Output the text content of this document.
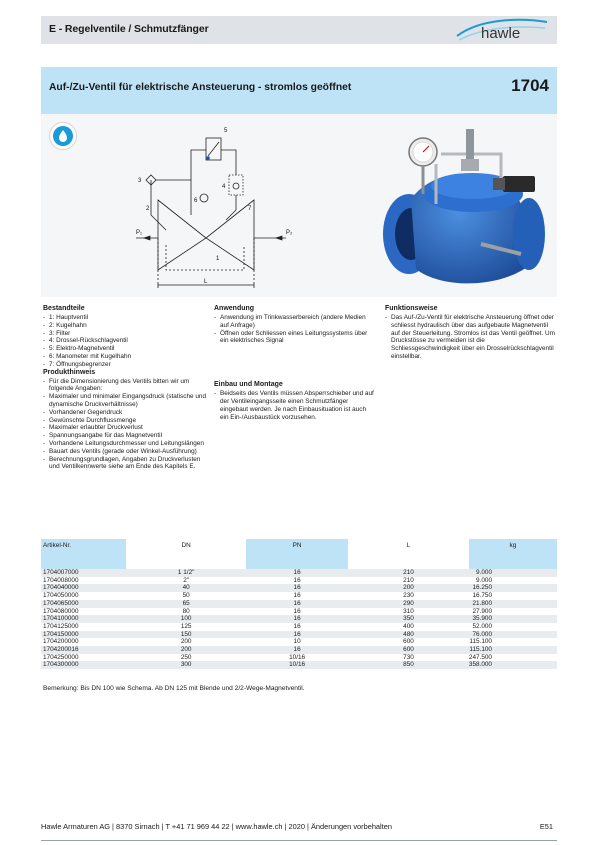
E - Regelventile / Schmutzfänger	hawle
Auf-/Zu-Ventil für elektrische Ansteuerung - stromlos geöffnet	1704
5
3
4
2
6
7
1
L
P₁	P₂
Bestandteile
- 1: Hauptventil
- 2: Kugelhahn
- 3: Filter
- 4: Drossel-Rückschlagventil
- 5: Elektro-Magnetventil
- 6: Manometer mit Kugelhahn
- 7: Öffnungsbegrenzer
Produkthinweis
- Für die Dimensionierung des Ventils bitten wir um folgende Angaben:
- Maximaler und minimaler Eingangsdruck (statische und dynamische Druckverhältnisse)
- Vorhandener Gegendruck
- Gewünschte Durchflussmenge
- Maximaler erlaubter Druckverlust
- Spannungsangabe für das Magnetventil
- Vorhandene Leitungsdurchmesser und Leitungslängen
- Bauart des Ventils (gerade oder Winkel-Ausführung)
- Berechnungsgrundlagen, Angaben zu Druckverlusten und Ventilkennwerte siehe am Ende des Kapitels E.
Anwendung
- Anwendung im Trinkwasserbereich (andere Medien auf Anfrage)
- Öffnen oder Schliessen eines Leitungssystems über ein elektrisches Signal
Einbau und Montage
- Beidseits des Ventils müssen Absperrschieber und auf der Ventileingangsseite einen Schmutzfänger eingebaut werden. Je nach Einbausituation ist auch ein Ein-/Ausbaustück vorzusehen.
Funktionsweise
- Das Auf-/Zu-Ventil für elektrische Ansteuerung öffnet oder schliesst hydraulisch über das aufgebaute Magnetventil auf der Steuerleitung. Stromlos ist das Ventil geöffnet. Um Druckstösse zu vermeiden ist die Schliessgeschwindigkeit über ein Drosselrückschlagventil einstellbar.
Artikel-Nr.	DN	PN	L	kg
1704007000	1 1/2"	16	210	9.000
1704008000	2"	16	210	9.000
1704040000	40	16	200	16.250
1704050000	50	16	230	16.750
1704065000	65	16	290	21.800
1704080000	80	16	310	27.900
1704100000	100	16	350	35.900
1704125000	125	16	400	52.000
1704150000	150	16	480	76.000
1704200000	200	10	600	115.100
1704200016	200	16	600	115.100
1704250000	250	10/16	730	247.500
1704300000	300	10/16	850	358.000
Bemerkung: Bis DN 100 wie Schema. Ab DN 125 mit Blende und 2/2-Wege-Magnetventil.
Hawle Armaturen AG | 8370 Sirnach | T +41 71 969 44 22 | www.hawle.ch | 2020 | Änderungen vorbehalten	E51
